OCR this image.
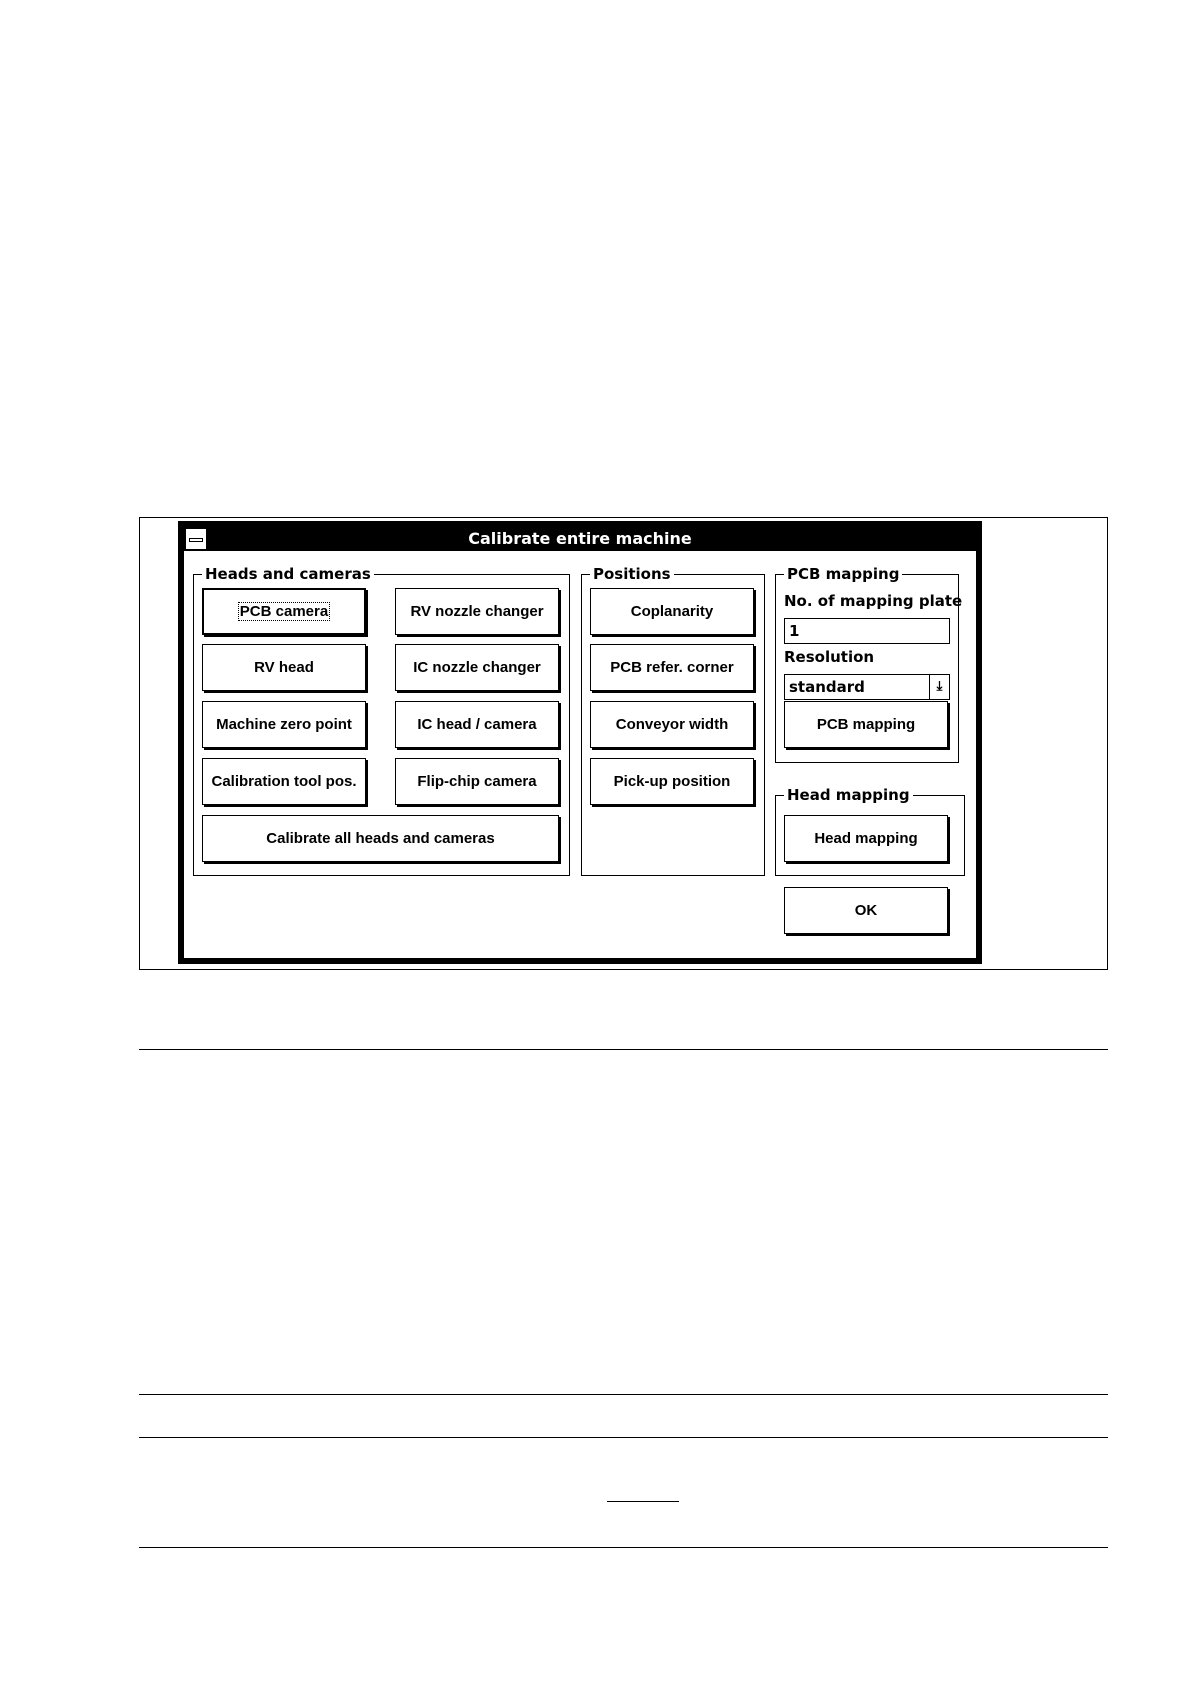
Calibrate entire machine
Heads and cameras
PCB camera	RV nozzle changer
RV head	IC nozzle changer
Machine zero point	IC head / camera
Calibration tool pos.	Flip-chip camera
Calibrate all heads and cameras
Positions
Coplanarity
PCB refer. corner
Conveyor width
Pick-up position
PCB mapping
No. of mapping plate
1
Resolution
standard	⤓
PCB mapping
Head mapping
Head mapping
OK
